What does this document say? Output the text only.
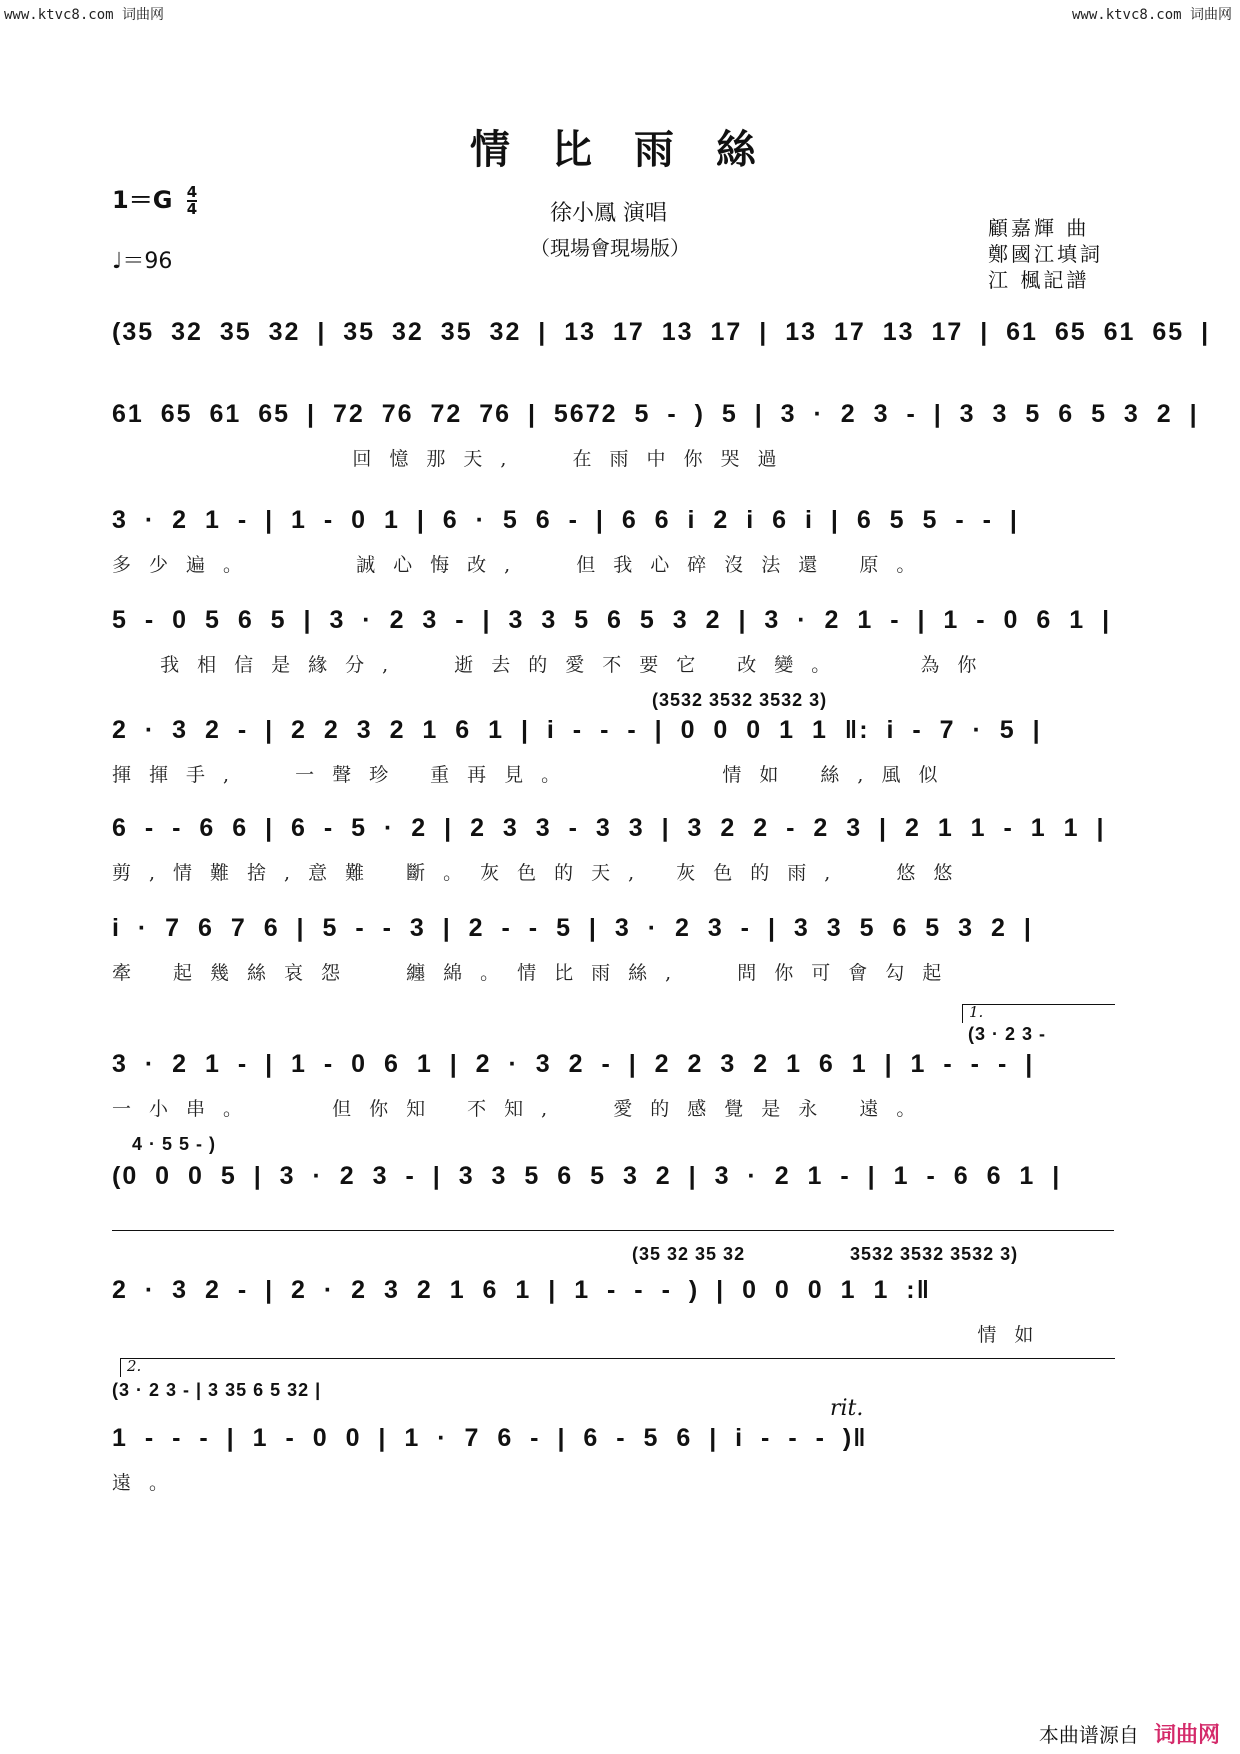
www.ktvc8.com 词曲网	www.ktvc8.com 词曲网
情比雨絲
$1=G \frac{4}{4}$
♩＝96
徐小鳳 演唱
（現場會現場版）
顧嘉輝 曲
鄭國江填詞
江 楓記譜
(35 32 35 32 | 35 32 35 32 | 13 17 13 17 | 13 17 13 17 | 61 65 61 65 |
61 65 61 65 | 72 76 72 76 | 5672 5 - ) 5 | 3 · 2 3 - | 3 3 5 6 5 3 2 |
回憶那天,  在雨中你哭過
3 · 2 1 - | 1 - 0 1 | 6 · 5 6 - | 6 6 i 2 i 6 i | 6 5 5 - - |
多少遍。    誠心悔改,  但我心碎沒法還 原。
5 - 0 5 6 5 | 3 · 2 3 - | 3 3 5 6 5 3 2 | 3 · 2 1 - | 1 - 0 6 1 |
我相信是緣分,  逝去的愛不要它 改變。   為你
(3532 3532 3532 3)
2 · 3 2 - | 2 2 3 2 1 6 1 | i - - - | 0 0 0 1 1 ‖: i - 7 · 5 |
揮揮手,  一聲珍 重再見。      情如 絲,風似
6 - - 6 6 | 6 - 5 · 2 | 2 3 3 - 3 3 | 3 2 2 - 2 3 | 2 1 1 - 1 1 |
剪,情難捨,意難 斷。灰色的天, 灰色的雨,  悠悠
i · 7 6 7 6 | 5 - - 3 | 2 - - 5 | 3 · 2 3 - | 3 3 5 6 5 3 2 |
牽 起幾絲哀怨  纏綿。情比雨絲,  問你可會勾起
1.
(3 · 2 3 -
3 · 2 1 - | 1 - 0 6 1 | 2 · 3 2 - | 2 2 3 2 1 6 1 | 1 - - - |
一小串。   但你知 不知,  愛的感覺是永 遠。
4 · 5 5 - )
(0 0 0 5 | 3 · 2 3 - | 3 3 5 6 5 3 2 | 3 · 2 1 - | 1 - 6 6 1 |
(35 32 35 32	3532 3532 3532 3)
2 · 3 2 - | 2 · 2 3 2 1 6 1 | 1 - - - ) | 0 0 0 1 1 :‖
情如
2.
(3 · 2 3 - | 3 35 6 5 32 |
rit.
1 - - - | 1 - 0 0 | 1 · 7 6 - | 6 - 5 6 | i - - - )‖
遠。
本曲谱源自 词曲网
